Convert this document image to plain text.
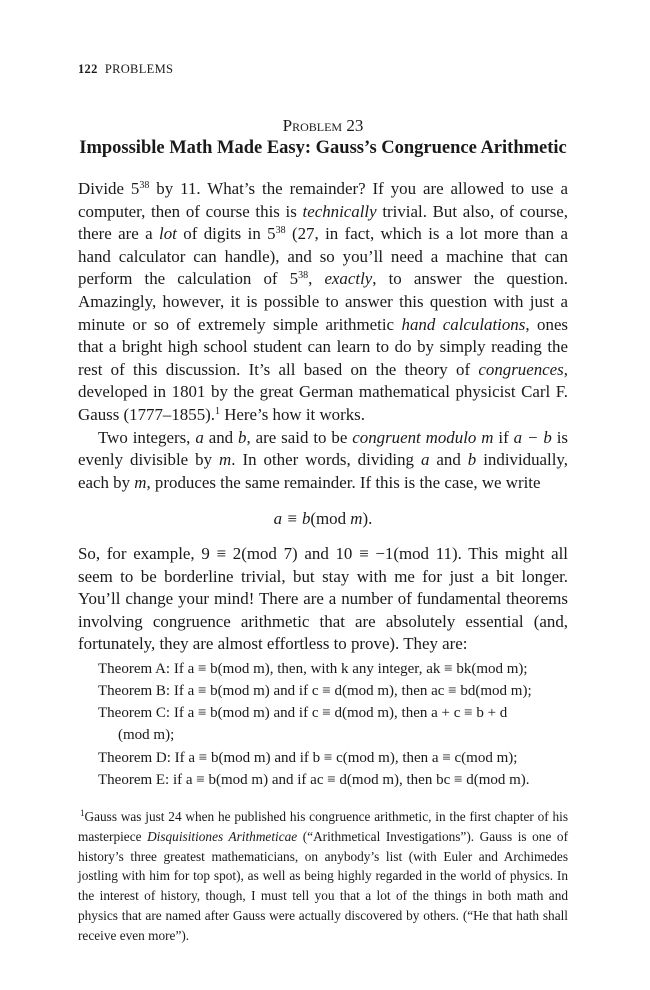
122 PROBLEMS
Problem 23
Impossible Math Made Easy: Gauss’s Congruence Arithmetic

Divide $5^{38}$ by 11. What’s the remainder? If you are allowed to use a computer, then of course this is technically trivial. But also, of course, there are a lot of digits in $5^{38}$ (27, in fact, which is a lot more than a hand calculator can handle), and so you’ll need a machine that can perform the calculation of $5^{38}$, exactly, to answer the question. Amazingly, however, it is possible to answer this question with just a minute or so of extremely simple arithmetic hand calculations, ones that a bright high school student can learn to do by simply reading the rest of this discussion. It’s all based on the theory of congruences, developed in 1801 by the great German mathematical physicist Carl F. Gauss (1777–1855).$^1$ Here’s how it works.

Two integers, a and b, are said to be congruent modulo m if a − b is evenly divisible by m. In other words, dividing a and b individually, each by m, produces the same remainder. If this is the case, we write

a ≡ b(mod m).

So, for example, 9 ≡ 2(mod 7) and 10 ≡ −1(mod 11). This might all seem to be borderline trivial, but stay with me for just a bit longer. You’ll change your mind! There are a number of fundamental theorems involving congruence arithmetic that are absolutely essential (and, fortunately, they are almost effortless to prove). They are:

Theorem A: If a ≡ b(mod m), then, with k any integer, ak ≡ bk(mod m);
Theorem B: If a ≡ b(mod m) and if c ≡ d(mod m), then ac ≡ bd(mod m);
Theorem C: If a ≡ b(mod m) and if c ≡ d(mod m), then a + c ≡ b + d
(mod m);
Theorem D: If a ≡ b(mod m) and if b ≡ c(mod m), then a ≡ c(mod m);
Theorem E: if a ≡ b(mod m) and if ac ≡ d(mod m), then bc ≡ d(mod m).

$^1$Gauss was just 24 when he published his congruence arithmetic, in the first chapter of his masterpiece Disquisitiones Arithmeticae (“Arithmetical Investigations”). Gauss is one of history’s three greatest mathematicians, on anybody’s list (with Euler and Archimedes jostling with him for top spot), as well as being highly regarded in the world of physics. In the interest of history, though, I must tell you that a lot of the things in both math and physics that are named after Gauss were actually discovered by others. (“He that hath shall receive even more”).
